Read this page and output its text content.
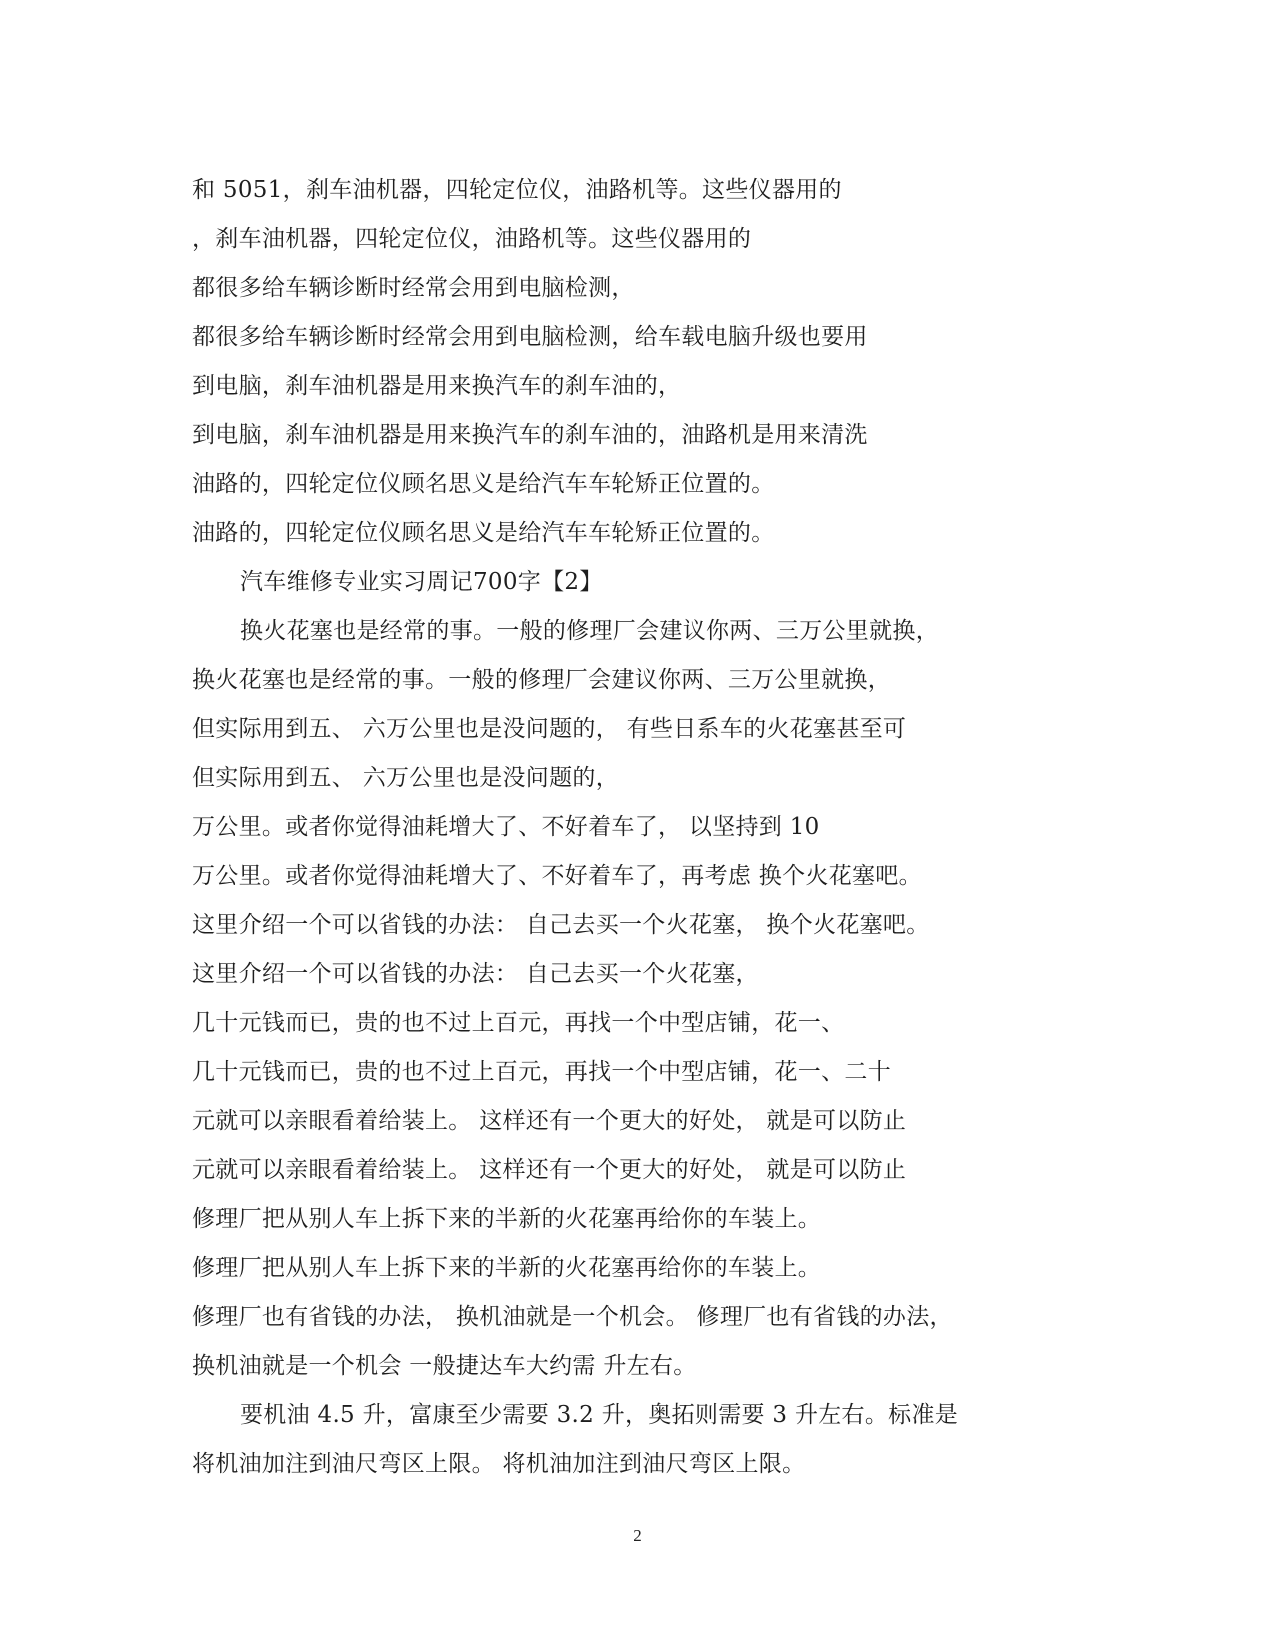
和 5051，刹车油机器，四轮定位仪，油路机等。这些仪器用的
，刹车油机器，四轮定位仪，油路机等。这些仪器用的
都很多给车辆诊断时经常会用到电脑检测，
都很多给车辆诊断时经常会用到电脑检测，给车载电脑升级也要用
到电脑，刹车油机器是用来换汽车的刹车油的，
到电脑，刹车油机器是用来换汽车的刹车油的，油路机是用来清洗
油路的，四轮定位仪顾名思义是给汽车车轮矫正位置的。
油路的，四轮定位仪顾名思义是给汽车车轮矫正位置的。
汽车维修专业实习周记700字【2】
换火花塞也是经常的事。一般的修理厂会建议你两、三万公里就换，
换火花塞也是经常的事。一般的修理厂会建议你两、三万公里就换，
但实际用到五、 六万公里也是没问题的， 有些日系车的火花塞甚至可
但实际用到五、 六万公里也是没问题的，
万公里。或者你觉得油耗增大了、不好着车了， 以坚持到 10
万公里。或者你觉得油耗增大了、不好着车了，再考虑 换个火花塞吧。
这里介绍一个可以省钱的办法： 自己去买一个火花塞， 换个火花塞吧。
这里介绍一个可以省钱的办法： 自己去买一个火花塞，
几十元钱而已，贵的也不过上百元，再找一个中型店铺，花一、
几十元钱而已，贵的也不过上百元，再找一个中型店铺，花一、二十
元就可以亲眼看着给装上。 这样还有一个更大的好处， 就是可以防止
元就可以亲眼看着给装上。 这样还有一个更大的好处， 就是可以防止
修理厂把从别人车上拆下来的半新的火花塞再给你的车装上。
修理厂把从别人车上拆下来的半新的火花塞再给你的车装上。
修理厂也有省钱的办法， 换机油就是一个机会。 修理厂也有省钱的办法，
换机油就是一个机会 一般捷达车大约需 升左右。
要机油 4.5 升，富康至少需要 3.2 升，奥拓则需要 3 升左右。标准是
将机油加注到油尺弯区上限。 将机油加注到油尺弯区上限。
2
